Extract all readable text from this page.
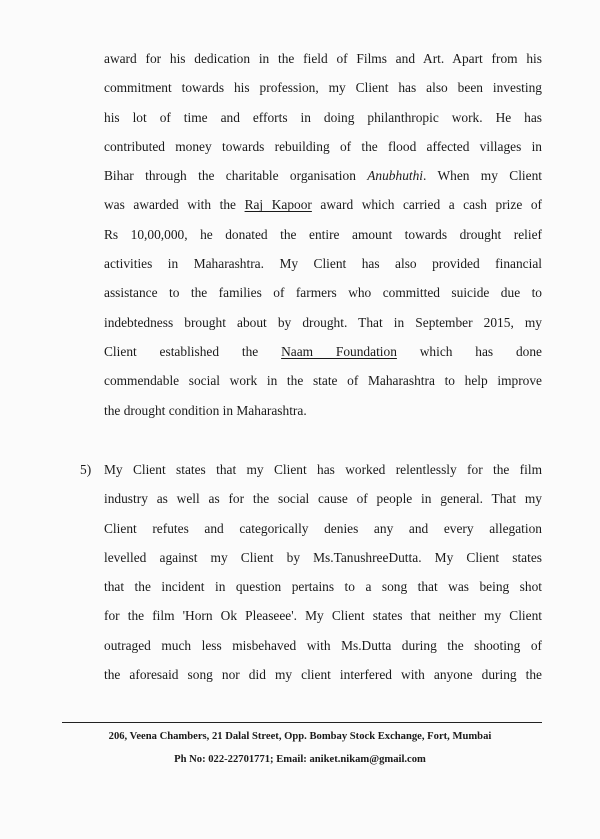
award for his dedication in the field of Films and Art. Apart from his
commitment towards his profession, my Client has also been investing
his lot of time and efforts in doing philanthropic work. He has
contributed money towards rebuilding of the flood affected villages in
Bihar through the charitable organisation Anubhuthi. When my Client
was awarded with the Raj Kapoor award which carried a cash prize of
Rs 10,00,000, he donated the entire amount towards drought relief
activities in Maharashtra. My Client has also provided financial
assistance to the families of farmers who committed suicide due to
indebtedness brought about by drought. That in September 2015, my
Client established the Naam Foundation which has done
commendable social work in the state of Maharashtra to help improve
the drought condition in Maharashtra.
5) My Client states that my Client has worked relentlessly for the film
industry as well as for the social cause of people in general. That my
Client refutes and categorically denies any and every allegation
levelled against my Client by Ms.TanushreeDutta. My Client states
that the incident in question pertains to a song that was being shot
for the film 'Horn Ok Pleaseee'. My Client states that neither my Client
outraged much less misbehaved with Ms.Dutta during the shooting of
the aforesaid song nor did my client interfered with anyone during the
206, Veena Chambers, 21 Dalal Street, Opp. Bombay Stock Exchange, Fort, Mumbai
Ph No: 022-22701771; Email: aniket.nikam@gmail.com
